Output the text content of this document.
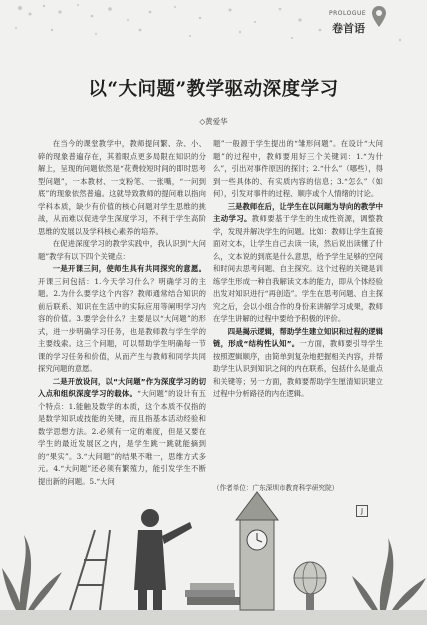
PROLOGUE
卷首语
以“大问题”教学驱动深度学习
◇黄爱华

在当今的课堂教学中，教师提问繁、杂、小、碎的现象普遍存在，其着眼点更多局限在知识的分解上，呈现的问题依然是“花费较短时间的即时思考型问题”，一本教材、一支粉笔、一张嘴，“一问到底”的现象依然普遍。这就导致教师的提问难以指向学科本质，缺少有价值的核心问题对学生思维的挑战，从而难以促进学生深度学习，不利于学生高阶思维的发展以及学科核心素养的培养。

在促进深度学习的教学实践中，我认识到“大问题”教学有以下四个关键点：

一是开课三问，使师生具有共同探究的意愿。开课三问包括：1.今天学习什么？明确学习的主题。2.为什么要学这个内容？教师通常结合知识的前后联系、知识在生活中的实际应用等阐明学习内容的价值。3.要学会什么？主要是以“大问题”的形式，进一步明确学习任务，也是教师教与学生学的主要线索。这三个问题，可以帮助学生明确每一节课的学习任务和价值，从而产生与教师和同学共同探究问题的意愿。

二是开放设问，以“大问题”作为深度学习的切入点和组织深度学习的载体。“大问题”的设计有五个特点：1.能触及数学的本质，这个本质不仅指的是数学知识或技能的关键，而且指基本活动经验和数学思想方法。2.必须有一定的难度，但是又要在学生的最近发展区之内，是学生跳一跳就能摘到的“果实”。3.“大问题”的结果不唯一，思维方式多元。4.“大问题”还必须有繁殖力，能引发学生不断提出新的问题。5.“大问

题”一般源于学生提出的“雏形问题”。在设计“大问题”的过程中，教师要用好三个关键词：1.“为什么”，引出对事件原因的探讨；2.“什么”（哪些），得到一些具体的、有实质内容的信息；3.“怎么”（如何），引发对事件的过程、顺序或个人情绪的讨论。

三是教师在后，让学生在以问题为导向的教学中主动学习。教师要基于学生的生成性资源，调整教学，发现并解决学生的问题。比如：教师让学生直接面对文本，让学生自己去读一读，然后说出读懂了什么，文本说的到底是什么意思，给予学生足够的空间和时间去思考问题、自主探究。这个过程的关键是训练学生形成一种自我解读文本的能力，即从个体经验出发对知识进行“再创造”。学生在思考问题、自主探究之后，会以小组合作的身份来讲解学习成果，教师在学生讲解的过程中要给予积极的评价。

四是揭示逻辑，帮助学生建立知识和过程的逻辑链，形成“结构性认知”。一方面，教师要引导学生按照逻辑顺序，由简单到复杂地把握相关内容，并帮助学生认识到知识之间的内在联系，包括什么是重点和关键等；另一方面，教师要帮助学生厘清知识建立过程中分析路径的内在逻辑。

（作者单位：广东深圳市教育科学研究院）
J
